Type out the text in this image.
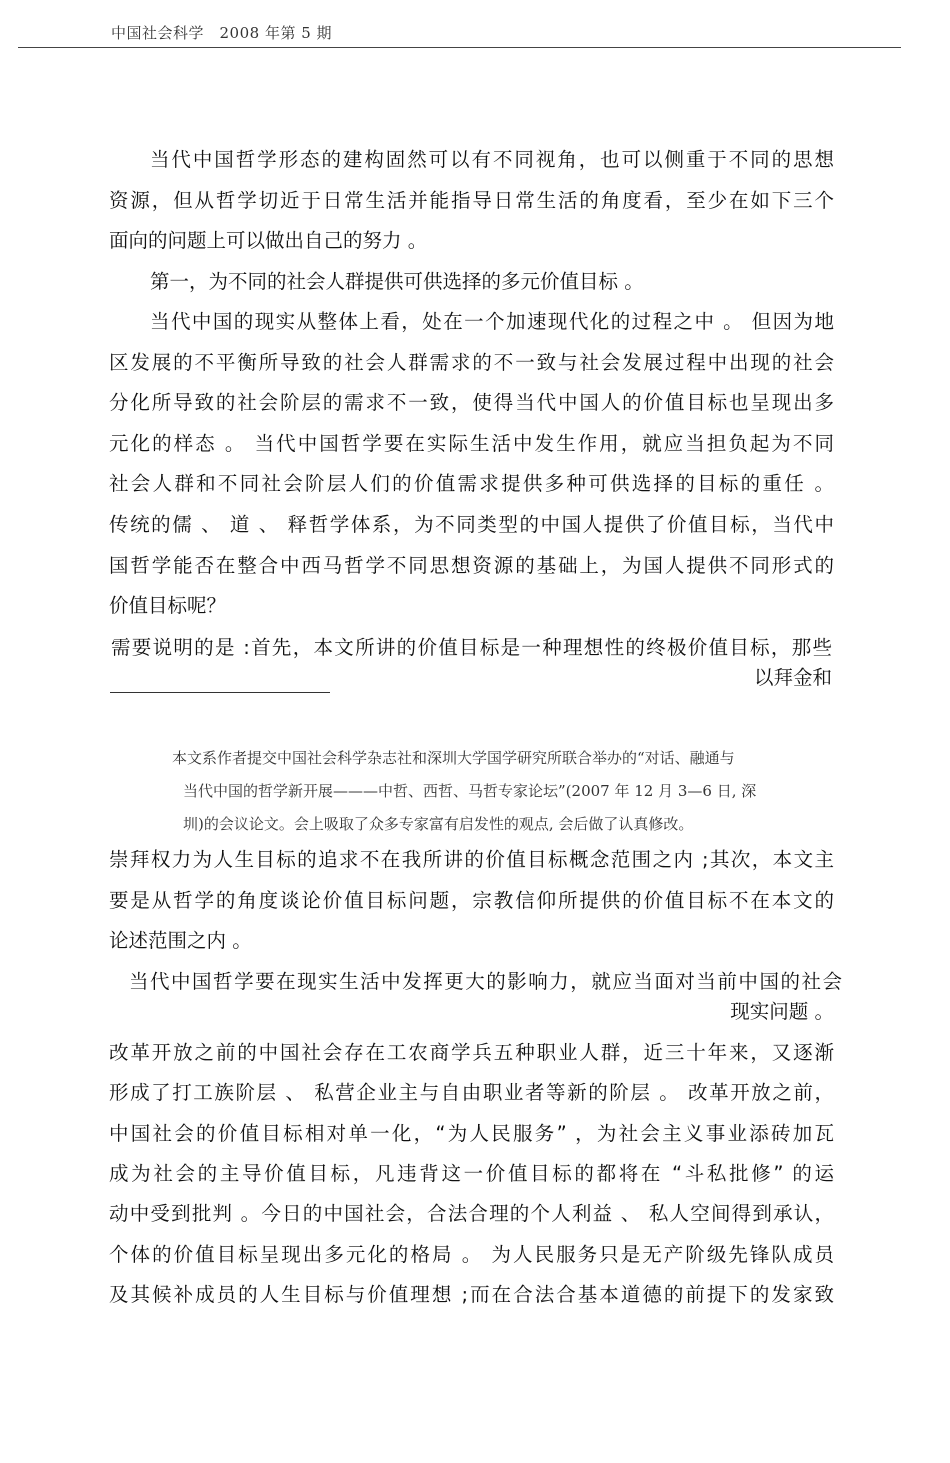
中国社会科学　2008 年第 5 期
当代中国哲学形态的建构固然可以有不同视角，也可以侧重于不同的思想
资源，但从哲学切近于日常生活并能指导日常生活的角度看，至少在如下三个
面向的问题上可以做出自己的努力 。
第一，为不同的社会人群提供可供选择的多元价值目标 。
当代中国的现实从整体上看，处在一个加速现代化的过程之中 。 但因为地
区发展的不平衡所导致的社会人群需求的不一致与社会发展过程中出现的社会
分化所导致的社会阶层的需求不一致，使得当代中国人的价值目标也呈现出多
元化的样态 。 当代中国哲学要在实际生活中发生作用，就应当担负起为不同
社会人群和不同社会阶层人们的价值需求提供多种可供选择的目标的重任 。
传统的儒 、 道 、 释哲学体系，为不同类型的中国人提供了价值目标，当代中
国哲学能否在整合中西马哲学不同思想资源的基础上，为国人提供不同形式的
价值目标呢？
需要说明的是 :首先，本文所讲的价值目标是一种理想性的终极价值目标，那些
以拜金和
本文系作者提交中国社会科学杂志社和深圳大学国学研究所联合举办的“对话、融通与
当代中国的哲学新开展———中哲、西哲、马哲专家论坛”(2007 年 12 月 3—6 日, 深
圳)的会议论文。会上吸取了众多专家富有启发性的观点, 会后做了认真修改。
崇拜权力为人生目标的追求不在我所讲的价值目标概念范围之内 ;其次，本文主
要是从哲学的角度谈论价值目标问题，宗教信仰所提供的价值目标不在本文的
论述范围之内 。
当代中国哲学要在现实生活中发挥更大的影响力，就应当面对当前中国的社会
现实问题 。
改革开放之前的中国社会存在工农商学兵五种职业人群，近三十年来，又逐渐
形成了打工族阶层 、 私营企业主与自由职业者等新的阶层 。 改革开放之前，
中国社会的价值目标相对单一化，“为人民服务” ，为社会主义事业添砖加瓦
成为社会的主导价值目标，凡违背这一价值目标的都将在 “斗私批修” 的运
动中受到批判 。今日的中国社会，合法合理的个人利益 、 私人空间得到承认，
个体的价值目标呈现出多元化的格局 。 为人民服务只是无产阶级先锋队成员
及其候补成员的人生目标与价值理想 ;而在合法合基本道德的前提下的发家致
